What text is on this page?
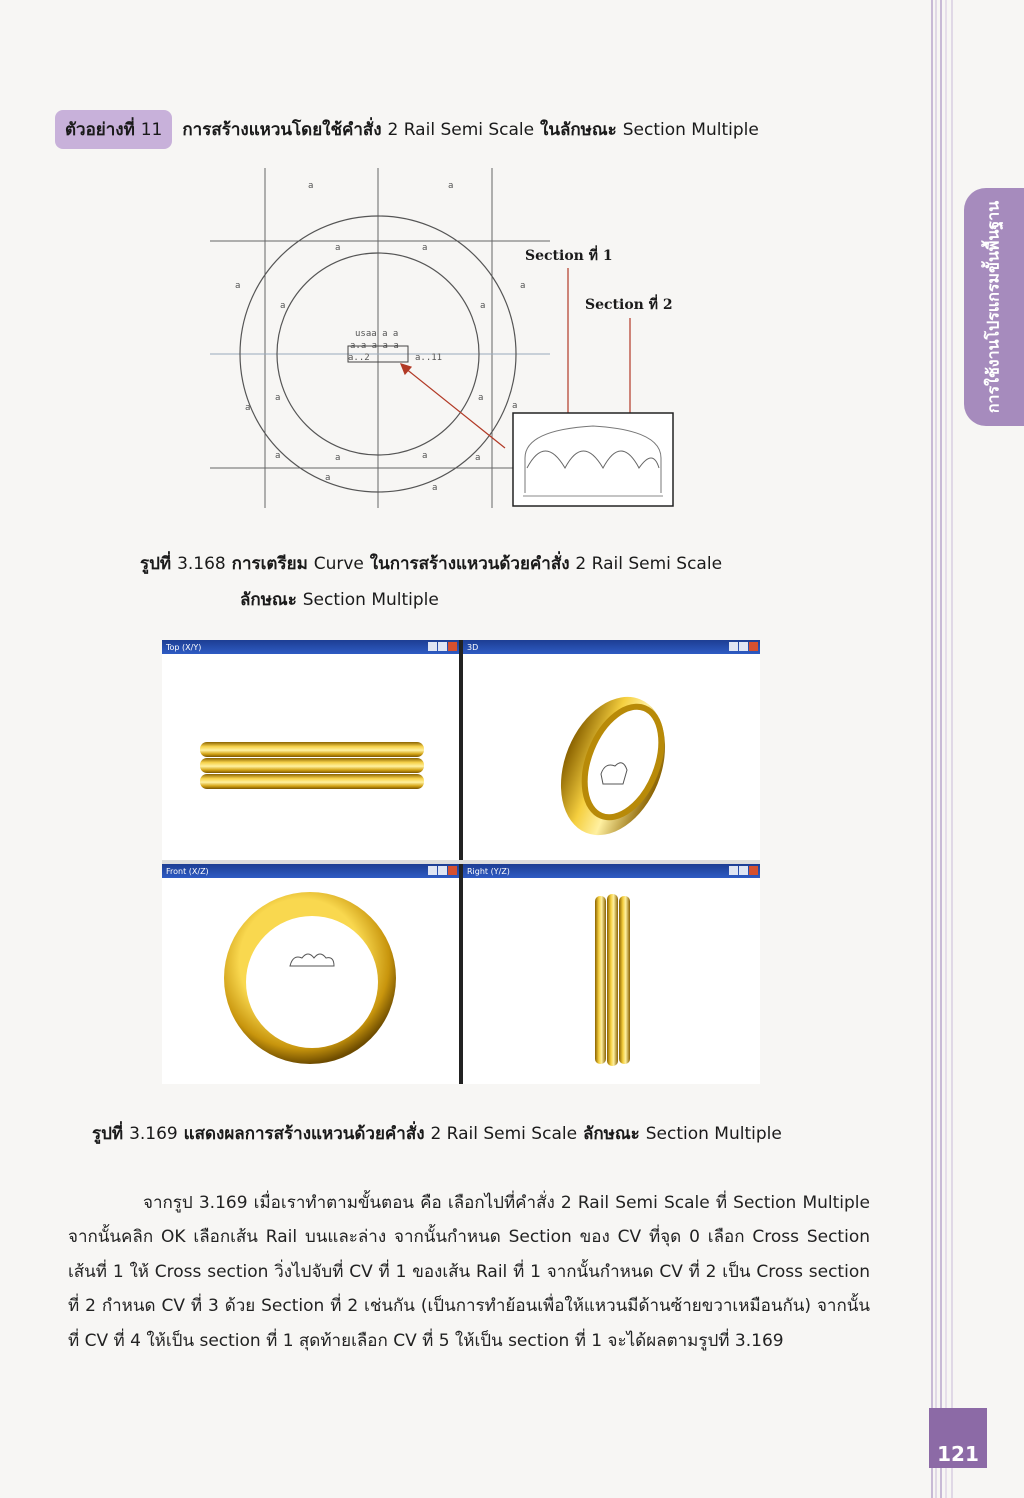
การใช้งานโปรแกรมขั้นพื้นฐาน
121
ตัวอย่างที่ 11	การสร้างแหวนโดยใช้คำสั่ง 2 Rail Semi Scale ในลักษณะ Section Multiple
a	a
a	a
a
a	a
a
a
a	a
a
a	a	a	a
a
a
usaa a a
a.a a a a
a..2	a..11
Section ที่ 1
Section ที่ 2
รูปที่ 3.168 การเตรียม Curve ในการสร้างแหวนด้วยคำสั่ง 2 Rail Semi Scale
ลักษณะ Section Multiple
Top (X/Y)	3D
Front (X/Z)	Right (Y/Z)
รูปที่ 3.169 แสดงผลการสร้างแหวนด้วยคำสั่ง 2 Rail Semi Scale ลักษณะ Section Multiple
จากรูป 3.169 เมื่อเราทำตามขั้นตอน คือ เลือกไปที่คำสั่ง 2 Rail Semi Scale ที่ Section Multiple จากนั้นคลิก OK เลือกเส้น Rail บนและล่าง จากนั้นกำหนด Section ของ CV ที่จุด 0 เลือก Cross Section เส้นที่ 1 ให้ Cross section วิ่งไปจับที่ CV ที่ 1 ของเส้น Rail ที่ 1 จากนั้นกำหนด CV ที่ 2 เป็น Cross section ที่ 2 กำหนด CV ที่ 3 ด้วย Section ที่ 2 เช่นกัน (เป็นการทำย้อนเพื่อให้แหวนมีด้านซ้ายขวาเหมือนกัน) จากนั้นที่ CV ที่ 4 ให้เป็น section ที่ 1 สุดท้ายเลือก CV ที่ 5 ให้เป็น section ที่ 1 จะได้ผลตามรูปที่ 3.169
